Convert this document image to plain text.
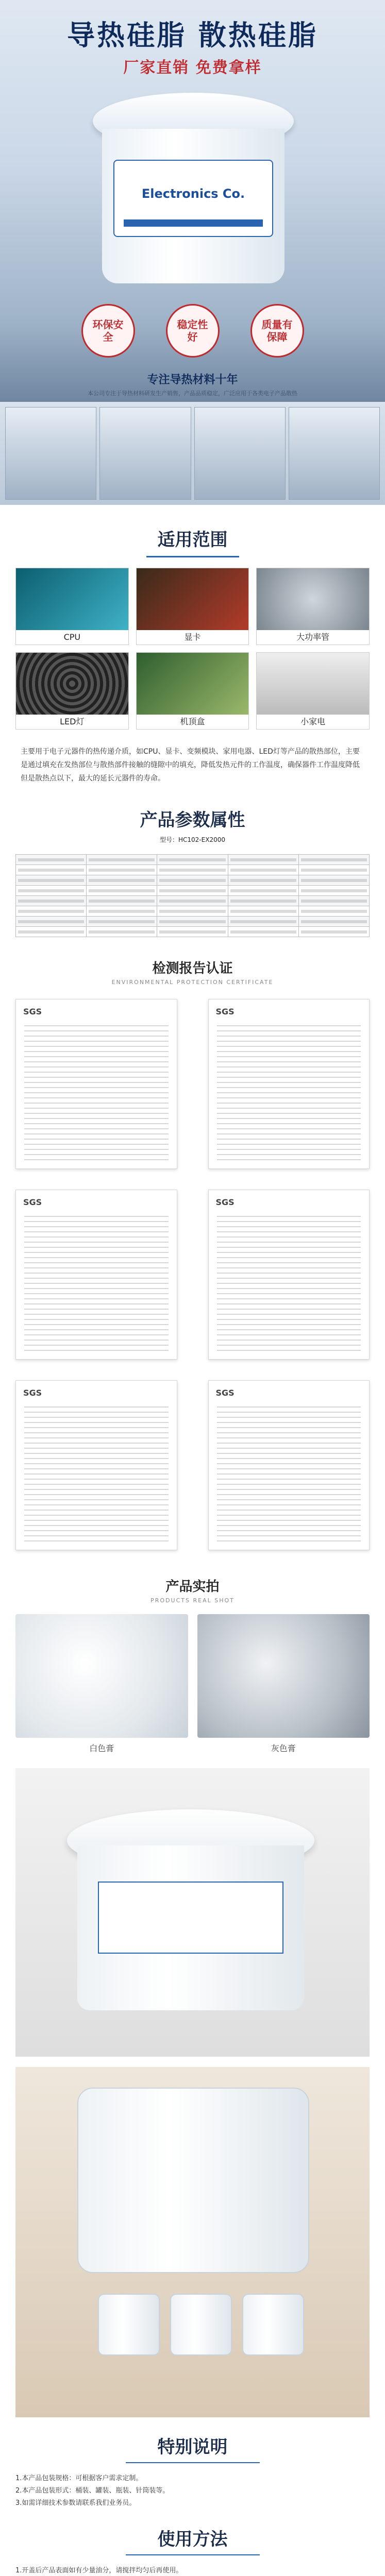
导热硅脂 散热硅脂
厂家直销 免费拿样
Electronics Co.
环保安全
稳定性好
质量有保障
专注导热材料十年
本公司专注于导热材料研发生产销售，产品品质稳定，广泛应用于各类电子产品散热
适用范围
CPU	显卡	大功率管
LED灯	机顶盒	小家电

主要用于电子元器件的热传递介质，如CPU、显卡、变频模块、家用电器、LED灯等产品的散热部位，主要是通过填充在发热部位与散热部件接触的缝隙中的填充，降低发热元件的工作温度，确保器件工作温度降低但是散热点以下，最大的延长元器件的寿命。

产品参数属性
型号：HC102-EX2000

检测报告认证
ENVIRONMENTAL PROTECTION CERTIFICATE
SGS	SGS
SGS	SGS
SGS	SGS
产品实拍
PRODUCTS REAL SHOT
白色膏	灰色膏
特别说明

1.本产品包装规格：可根据客户需求定制。

2.本产品包装形式：桶装、罐装、瓶装、针筒装等。

3.如需详细技术参数请联系我们业务员。

使用方法

1.开盖后产品表面如有少量油分，请搅拌均匀后再使用。
